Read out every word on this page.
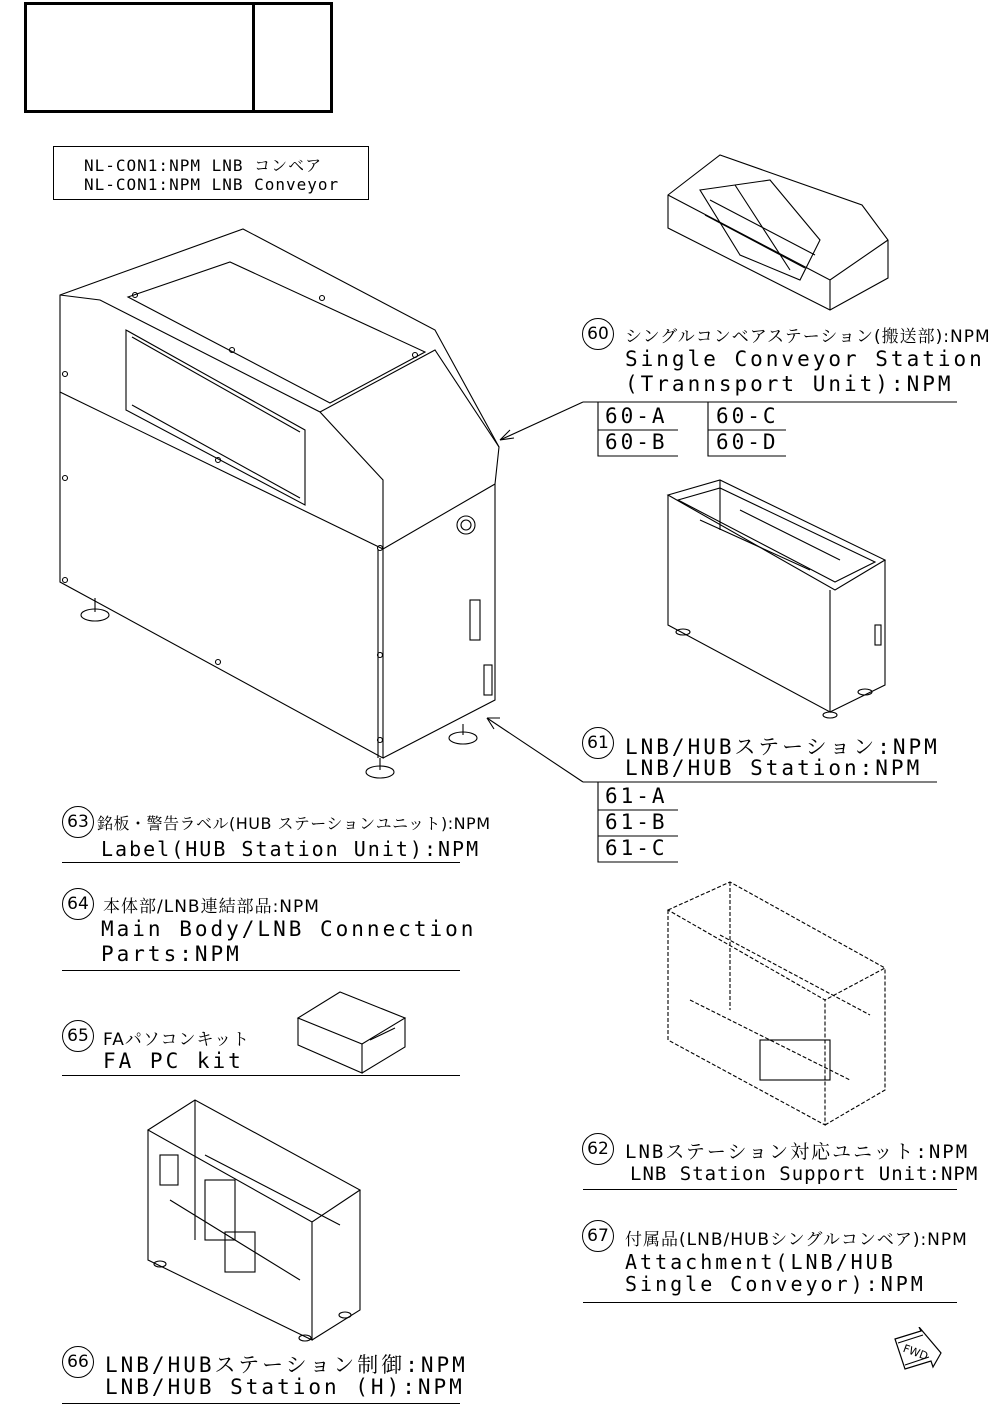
NL-CON1:NPM LNB コンベア
NL-CON1:NPM LNB Conveyor
60 シングルコンベアステーション(搬送部):NPM
Single Conveyor Station
(Trannsport Unit):NPM
60-A 60-C
60-B 60-D
61 LNB/HUBステーション:NPM
LNB/HUB Station:NPM
61-A
61-B
61-C
62 LNBステーション対応ユニット:NPM
LNB Station Support Unit:NPM
67 付属品(LNB/HUBシングルコンベア):NPM
Attachment(LNB/HUB
Single Conveyor):NPM
63 銘板・警告ラベル(HUB ステーションユニット):NPM
Label(HUB Station Unit):NPM
64 本体部/LNB連結部品:NPM
Main Body/LNB Connection
Parts:NPM
65 FAパソコンキット
FA PC kit
66 LNB/HUBステーション制御:NPM
LNB/HUB Station (H):NPM
FWD
